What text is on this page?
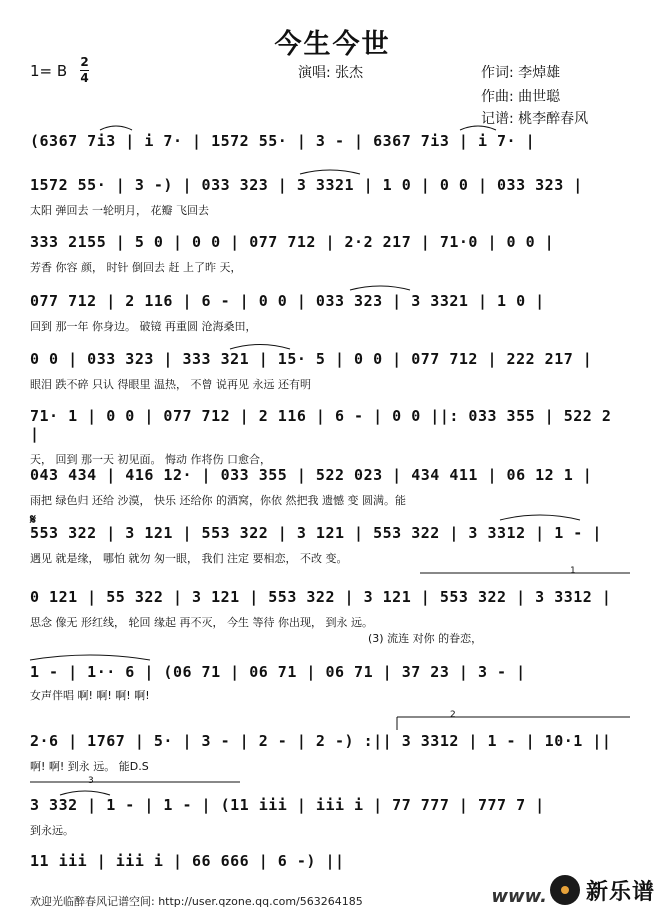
今生今世
1= B 2
4	演唱: 张杰	作词: 李焯雄
作曲: 曲世聪
记谱: 桃李醉春风
(6367 7i3 | i 7· | 1572 55· | 3 - | 6367 7i3 | i 7· |
1572 55· | 3 -) | 033 323 | 3 3321 | 1 0 | 0 0 | 033 323 |
太阳 弹回去 一轮明月， 花瓣 飞回去
333 2155 | 5 0 | 0 0 | 077 712 | 2·2 217 | 71·0 | 0 0 |
芳香 你容 颜， 时针 倒回去 赶 上了昨 天，
077 712 | 2 116 | 6 - | 0 0 | 033 323 | 3 3321 | 1 0 |
回到 那一年 你身边。 破镜 再重圆 沧海桑田，
0 0 | 033 323 | 333 321 | 15· 5 | 0 0 | 077 712 | 222 217 |
眼泪 跌不碎 只认 得眼里 温热， 不曾 说再见 永远 还有明
71· 1 | 0 0 | 077 712 | 2 116 | 6 - | 0 0 ||: 033 355 | 522 2 |
天， 回到 那一天 初见面。 悔动 作将伤 口愈合，
043 434 | 416 12· | 033 355 | 522 023 | 434 411 | 06 12 1 |
雨把 绿色归 还给 沙漠， 快乐 还给你 的酒窝，你依 然把我 遗憾 变 圆满。能
𝄋
553 322 | 3 121 | 553 322 | 3 121 | 553 322 | 3 3312 | 1 - |
遇见 就是缘， 哪怕 就勿 匆一眼， 我们 注定 要相恋， 不改 变。
0 121 | 55 322 | 3 121 | 553 322 | 3 121 | 553 322 | 3 3312 |
思念 像无 形红线， 轮回 缘起 再不灭， 今生 等待 你出现， 到永 远。
(3) 流连 对你 的眷恋，
1 - | 1·· 6 | (06 71 | 06 71 | 06 71 | 37 23 | 3 - |
女声伴唱 啊! 啊! 啊! 啊!
2·6 | 1767 | 5· | 3 - | 2 - | 2 -) :|| 3 3312 | 1 - | 10·1 ||
啊! 啊! 到永 远。 能D.S
3 332 | 1 - | 1 - | (11 iii | iii i | 77 777 | 777 7 |
到永远。
11 iii | iii i | 66 666 | 6 -) ||
1
2
3
欢迎光临醉春风记谱空间: http://user.qzone.qq.com/563264185	www. 新乐谱
